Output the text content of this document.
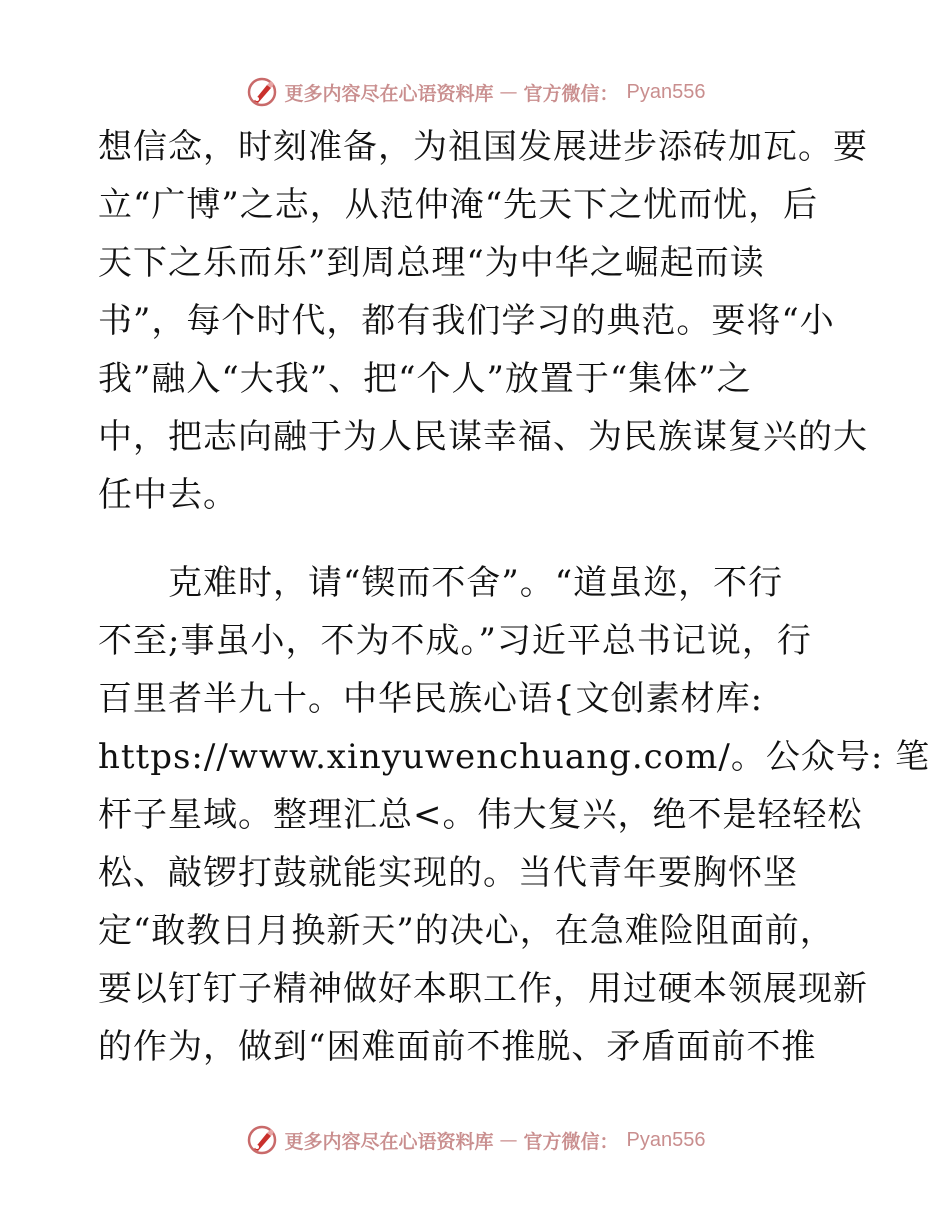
更多内容尽在心语资料库 — 官方微信： Pyan556
想信念，时刻准备，为祖国发展进步添砖加瓦。要
立“广博”之志，从范仲淹“先天下之忧而忧，后
天下之乐而乐”到周总理“为中华之崛起而读
书”，每个时代，都有我们学习的典范。要将“小
我”融入“大我”、把“个人”放置于“集体”之
中，把志向融于为人民谋幸福、为民族谋复兴的大
任中去。
　　克难时，请“锲而不舍”。“道虽迩，不行
不至;事虽小，不为不成。”习近平总书记说，行
百里者半九十。中华民族心语{文创素材库:
https://www.xinyuwenchuang.com/。公众号: 笔
杆子星域。整理汇总<。伟大复兴，绝不是轻轻松
松、敲锣打鼓就能实现的。当代青年要胸怀坚
定“敢教日月换新天”的决心，在急难险阻面前，
要以钉钉子精神做好本职工作，用过硬本领展现新
的作为，做到“困难面前不推脱、矛盾面前不推
更多内容尽在心语资料库 — 官方微信： Pyan556
